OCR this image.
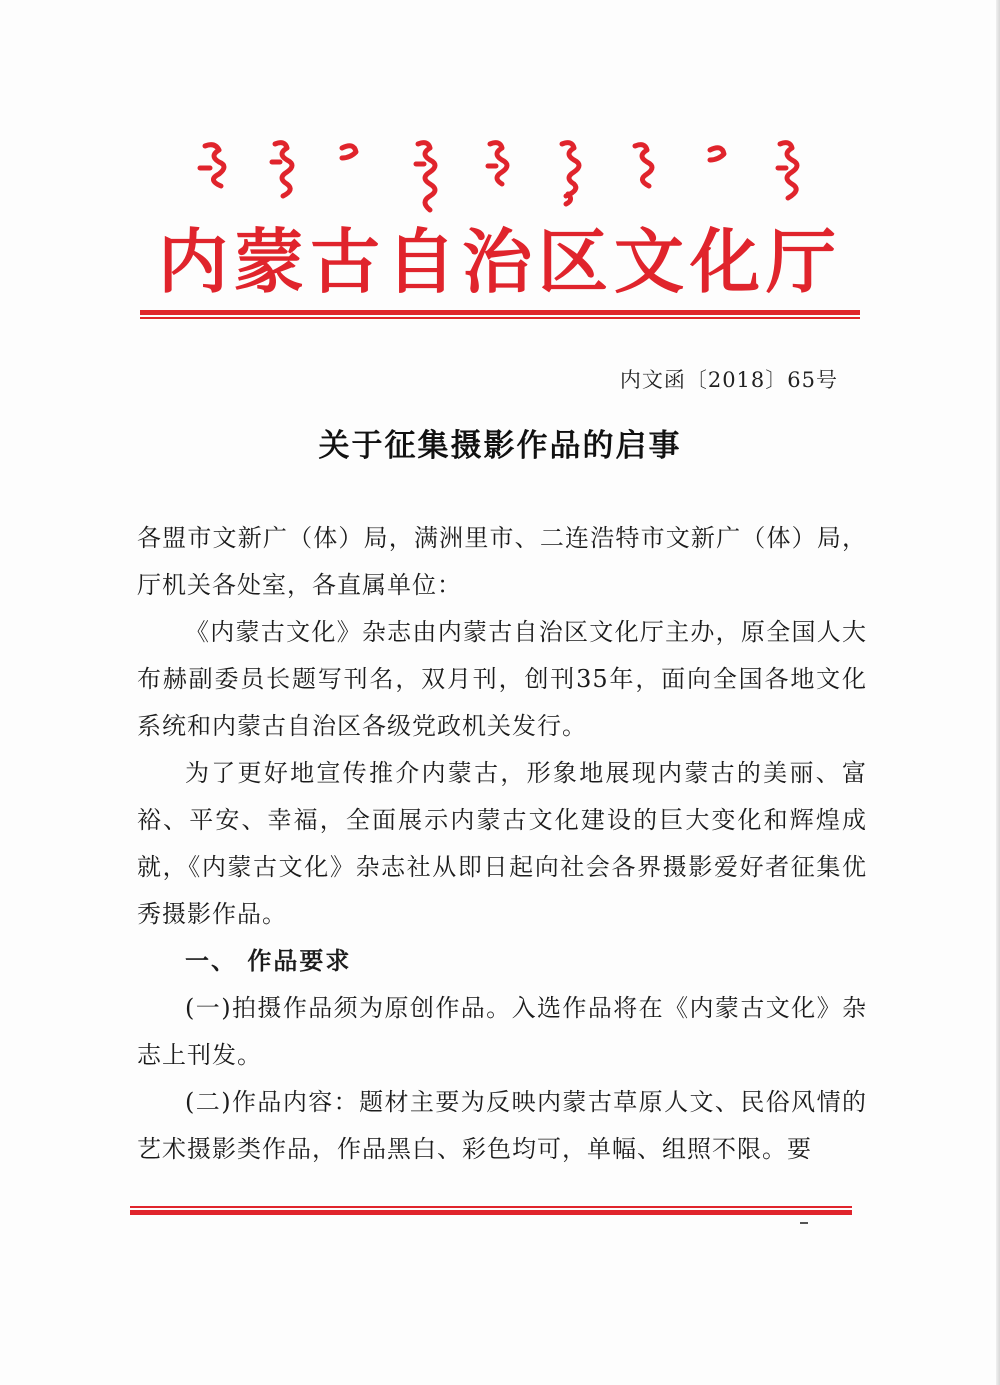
内蒙古自治区文化厅
内文函〔2018〕65号
关于征集摄影作品的启事

各盟市文新广（体）局，满洲里市、二连浩特市文新广（体）局，厅机关各处室，各直属单位：

《内蒙古文化》杂志由内蒙古自治区文化厅主办，原全国人大布赫副委员长题写刊名，双月刊，创刊35年，面向全国各地文化系统和内蒙古自治区各级党政机关发行。

为了更好地宣传推介内蒙古，形象地展现内蒙古的美丽、富裕、平安、幸福，全面展示内蒙古文化建设的巨大变化和辉煌成就，《内蒙古文化》杂志社从即日起向社会各界摄影爱好者征集优秀摄影作品。

一、 作品要求

(一)拍摄作品须为原创作品。入选作品将在《内蒙古文化》杂志上刊发。

(二)作品内容：题材主要为反映内蒙古草原人文、民俗风情的艺术摄影类作品，作品黑白、彩色均可，单幅、组照不限。要
